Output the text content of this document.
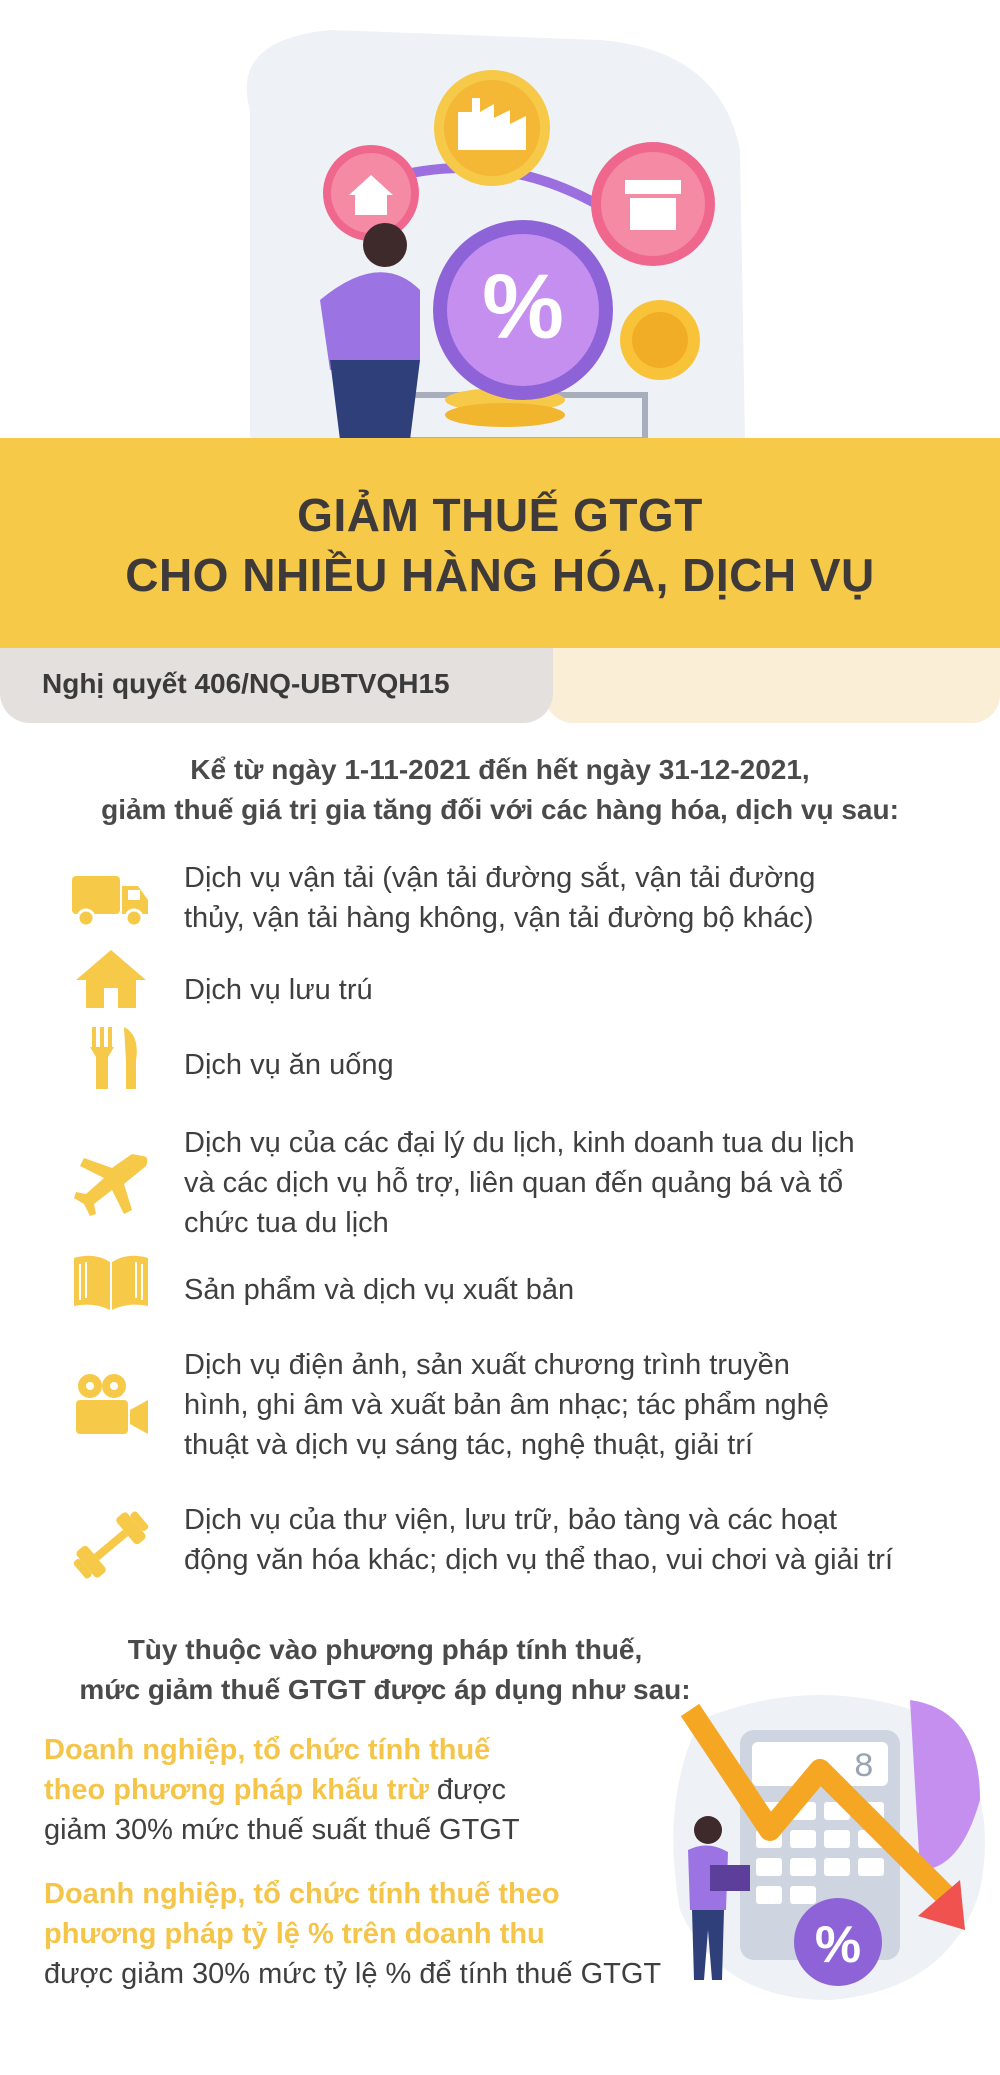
%
GIẢM THUẾ GTGT
CHO NHIỀU HÀNG HÓA, DỊCH VỤ
Nghị quyết 406/NQ-UBTVQH15
Kể từ ngày 1-11-2021 đến hết ngày 31-12-2021,
giảm thuế giá trị gia tăng đối với các hàng hóa, dịch vụ sau:
Dịch vụ vận tải (vận tải đường sắt, vận tải đường
thủy, vận tải hàng không, vận tải đường bộ khác)
Dịch vụ lưu trú
Dịch vụ ăn uống
Dịch vụ của các đại lý du lịch, kinh doanh tua du lịch
và các dịch vụ hỗ trợ, liên quan đến quảng bá và tổ
chức tua du lịch
Sản phẩm và dịch vụ xuất bản
Dịch vụ điện ảnh, sản xuất chương trình truyền
hình, ghi âm và xuất bản âm nhạc; tác phẩm nghệ
thuật và dịch vụ sáng tác, nghệ thuật, giải trí
Dịch vụ của thư viện, lưu trữ, bảo tàng và các hoạt
động văn hóa khác; dịch vụ thể thao, vui chơi và giải trí
Tùy thuộc vào phương pháp tính thuế,
mức giảm thuế GTGT được áp dụng như sau:
Doanh nghiệp, tổ chức tính thuế
theo phương pháp khấu trừ được
giảm 30% mức thuế suất thuế GTGT
Doanh nghiệp, tổ chức tính thuế theo
phương pháp tỷ lệ % trên doanh thu
được giảm 30% mức tỷ lệ % để tính thuế GTGT
8
%
